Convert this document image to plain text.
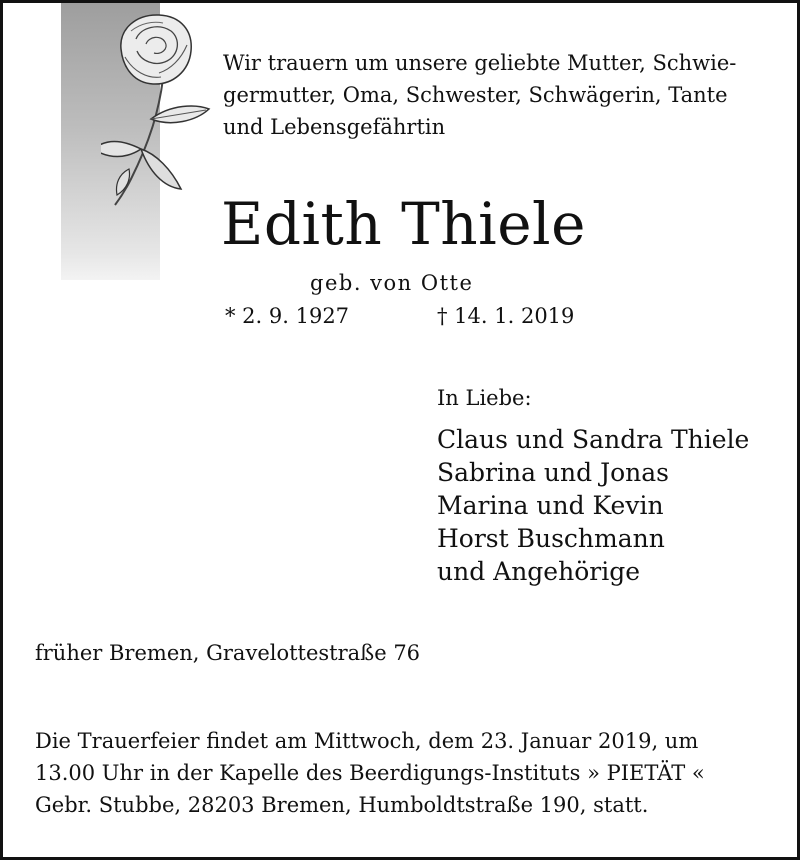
Wir trauern um unsere geliebte Mutter, Schwie-
germutter, Oma, Schwester, Schwägerin, Tante
und Lebensgefährtin
Edith Thiele
geb. von Otte
* 2. 9. 1927	† 14. 1. 2019
In Liebe:
Claus und Sandra Thiele
Sabrina und Jonas
Marina und Kevin
Horst Buschmann
und Angehörige
früher Bremen, Gravelottestraße 76
Die Trauerfeier findet am Mittwoch, dem 23. Januar 2019, um
13.00 Uhr in der Kapelle des Beerdigungs-Instituts » PIETÄT «
Gebr. Stubbe, 28203 Bremen, Humboldtstraße 190, statt.
